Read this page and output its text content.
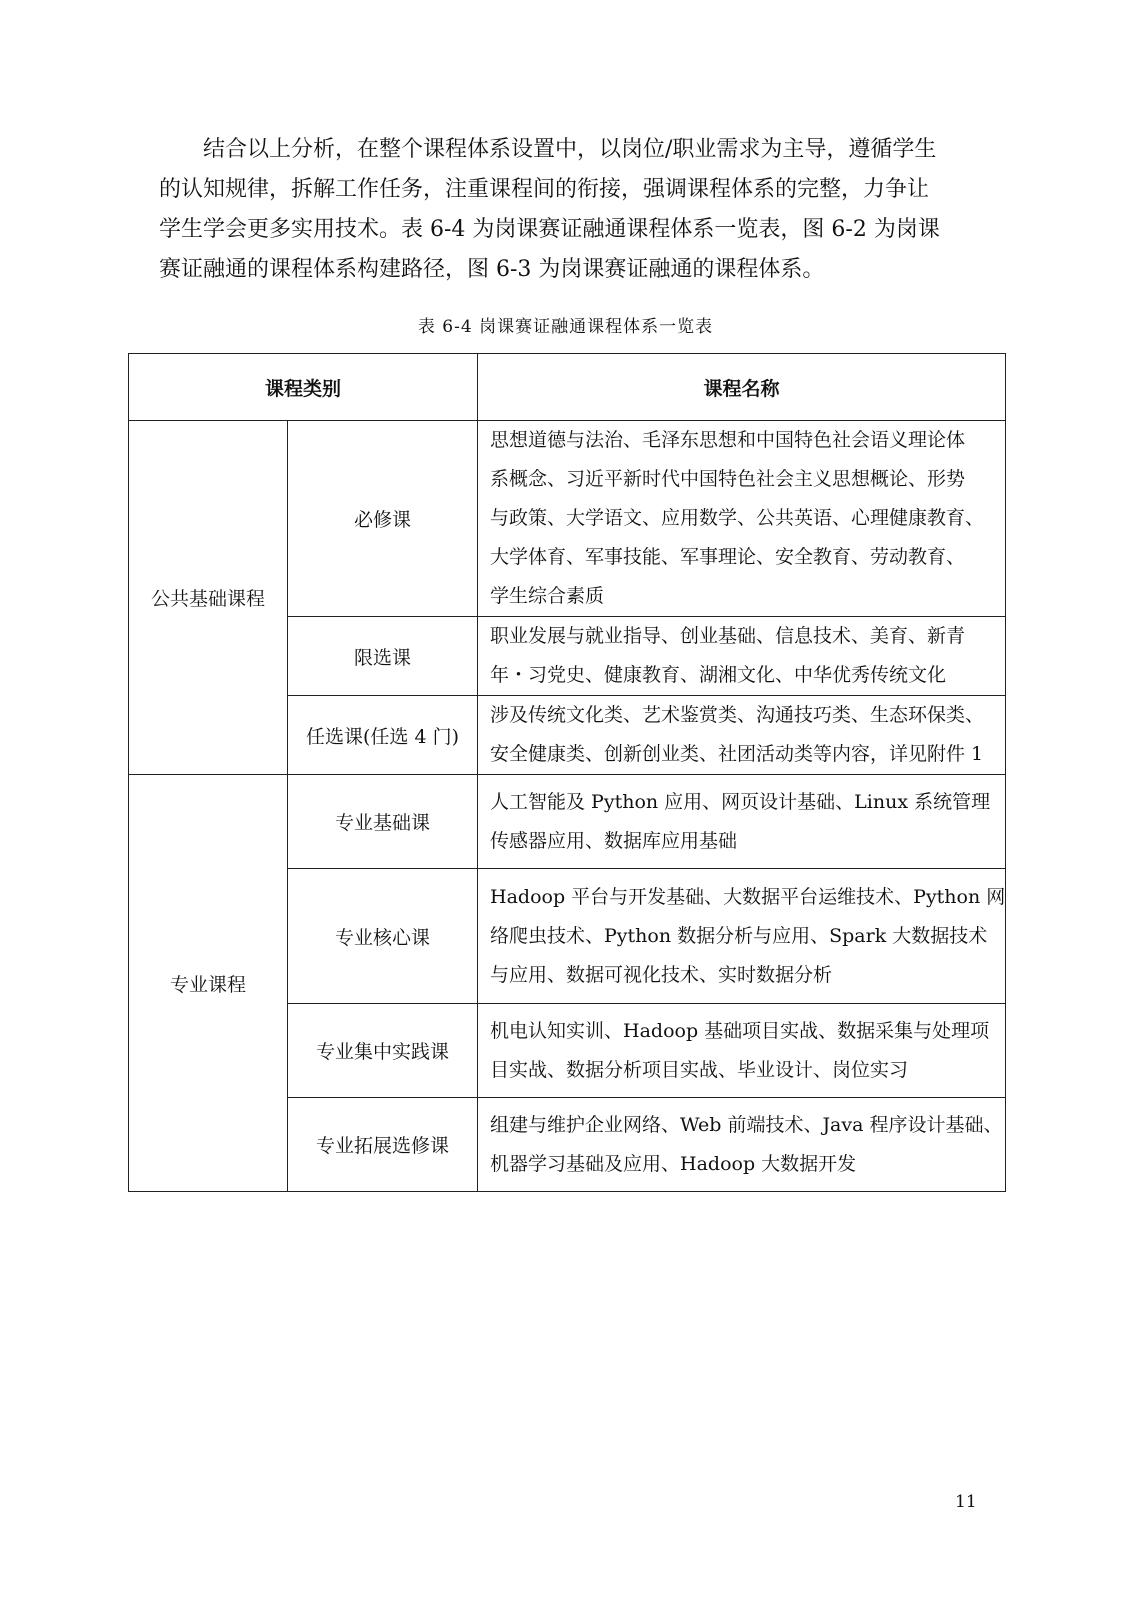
结合以上分析，在整个课程体系设置中，以岗位/职业需求为主导，遵循学生
的认知规律，拆解工作任务，注重课程间的衔接，强调课程体系的完整，力争让
学生学会更多实用技术。表 6-4 为岗课赛证融通课程体系一览表，图 6-2 为岗课
赛证融通的课程体系构建路径，图 6-3 为岗课赛证融通的课程体系。
表 6-4 岗课赛证融通课程体系一览表
课程类别		课程名称
公共基础课程	必修课	思想道德与法治、毛泽东思想和中国特色社会语义理论体
系概念、习近平新时代中国特色社会主义思想概论、形势
与政策、大学语文、应用数学、公共英语、心理健康教育、
大学体育、军事技能、军事理论、安全教育、劳动教育、
学生综合素质

	限选课	职业发展与就业指导、创业基础、信息技术、美育、新青
年・习党史、健康教育、湖湘文化、中华优秀传统文化

	任选课(任选 4 门)	涉及传统文化类、艺术鉴赏类、沟通技巧类、生态环保类、
安全健康类、创新创业类、社团活动类等内容，详见附件 1

专业课程	专业基础课	人工智能及 Python 应用、网页设计基础、Linux 系统管理
传感器应用、数据库应用基础

	专业核心课	Hadoop 平台与开发基础、大数据平台运维技术、Python 网
络爬虫技术、Python 数据分析与应用、Spark 大数据技术
与应用、数据可视化技术、实时数据分析

	专业集中实践课	机电认知实训、Hadoop 基础项目实战、数据采集与处理项
目实战、数据分析项目实战、毕业设计、岗位实习

	专业拓展选修课	组建与维护企业网络、Web 前端技术、Java 程序设计基础、
机器学习基础及应用、Hadoop 大数据开发
11
